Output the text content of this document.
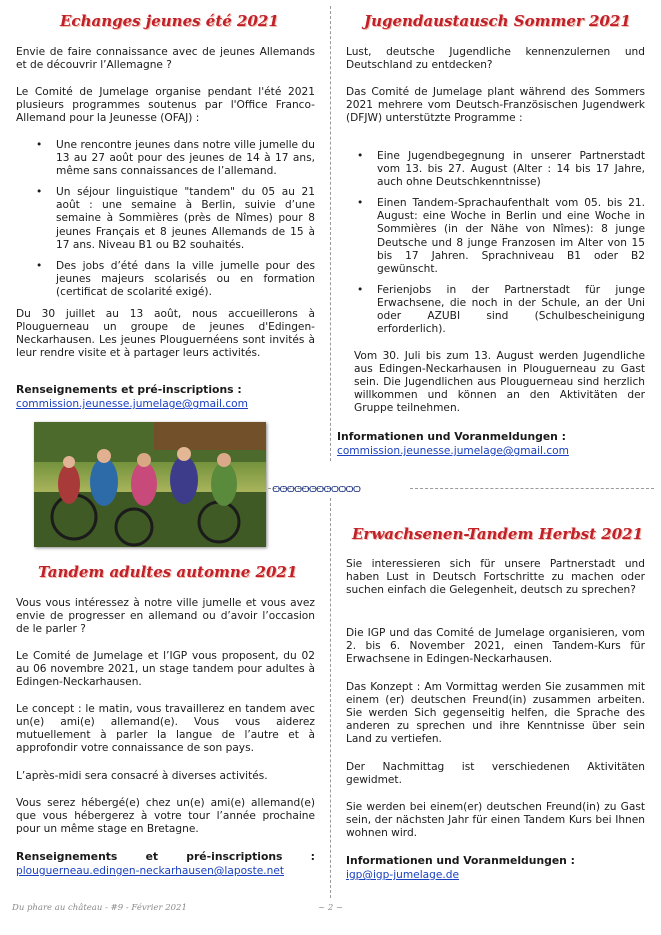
ѻѻѻѻѻѻѻѻѻѻѻѻ
Echanges jeunes été 2021

Envie de faire connaissance avec de jeunes Allemands et de découvrir l’Allemagne ?

Le Comité de Jumelage organise pendant l'été 2021 plusieurs programmes soutenus par l'Office Franco-Allemand pour la Jeunesse (OFAJ) :

•	Une rencontre jeunes dans notre ville jumelle du 13 au 27 août pour des jeunes de 14 à 17 ans, même sans connaissances de l’allemand.
•	Un séjour linguistique "tandem" du 05 au 21 août : une semaine à Berlin, suivie d’une semaine à Sommières (près de Nîmes) pour 8 jeunes Français et 8 jeunes Allemands de 15 à 17 ans. Niveau B1 ou B2 souhaités.
•	Des jobs d’été dans la ville jumelle pour des jeunes majeurs scolarisés ou en formation (certificat de scolarité exigé).

Du 30 juillet au 13 août, nous accueillerons à Plouguerneau un groupe de jeunes d'Edingen-Neckarhausen. Les jeunes Plouguernéens sont invités à leur rendre visite et à partager leurs activités.

Renseignements et pré-inscriptions :
commission.jeunesse.jumelage@gmail.com
Jugendaustausch Sommer 2021

Lust, deutsche Jugendliche kennenzulernen und Deutschland zu entdecken?

Das Comité de Jumelage plant während des Sommers 2021 mehrere vom Deutsch-Französischen Jugendwerk (DFJW) unterstützte Programme :

•	Eine Jugendbegegnung in unserer Partnerstadt vom 13. bis 27. August (Alter : 14 bis 17 Jahre, auch ohne Deutschkenntnisse)
•	Einen Tandem-Sprachaufenthalt vom 05. bis 21. August: eine Woche in Berlin und eine Woche in Sommières (in der Nähe von Nîmes): 8 junge Deutsche und 8 junge Franzosen im Alter von 15 bis 17 Jahren. Sprachniveau B1 oder B2 gewünscht.
•	Ferienjobs in der Partnerstadt für junge Erwachsene, die noch in der Schule, an der Uni oder AZUBI sind (Schulbescheinigung erforderlich).

Vom 30. Juli bis zum 13. August werden Jugendliche aus Edingen-Neckarhausen in Plouguerneau zu Gast sein. Die Jugendlichen aus Plouguerneau sind herzlich willkommen und können an den Aktivitäten der Gruppe teilnehmen.

Informationen und Voranmeldungen :
commission.jeunesse.jumelage@gmail.com
Tandem adultes automne 2021

Vous vous intéressez à notre ville jumelle et vous avez envie de progresser en allemand ou d’avoir l’occasion de le parler ?

Le Comité de Jumelage et l’IGP vous proposent, du 02 au 06 novembre 2021, un stage tandem pour adultes à Edingen-Neckarhausen.

Le concept : le matin, vous travaillerez en tandem avec un(e) ami(e) allemand(e). Vous vous aiderez mutuellement à parler la langue de l’autre et à approfondir votre connaissance de son pays.

L’après-midi sera consacré à diverses activités.

Vous serez hébergé(e) chez un(e) ami(e) allemand(e) que vous hébergerez à votre tour l’année prochaine pour un même stage en Bretagne.

Renseignements et pré-inscriptions :
plouguerneau.edingen-neckarhausen@laposte.net
Erwachsenen-Tandem Herbst 2021

Sie interessieren sich für unsere Partnerstadt und haben Lust in Deutsch Fortschritte zu machen oder suchen einfach die Gelegenheit, deutsch zu sprechen?

Die IGP und das Comité de Jumelage organisieren, vom 2. bis 6. November 2021, einen Tandem-Kurs für Erwachsene in Edingen-Neckarhausen.

Das Konzept : Am Vormittag werden Sie zusammen mit einem (er) deutschen Freund(in) zusammen arbeiten. Sie werden Sich gegenseitig helfen, die Sprache des anderen zu sprechen und ihre Kenntnisse über sein Land zu vertiefen.

Der Nachmittag ist verschiedenen Aktivitäten gewidmet.

Sie werden bei einem(er) deutschen Freund(in) zu Gast sein, der nächsten Jahr für einen Tandem Kurs bei Ihnen wohnen wird.

Informationen und Voranmeldungen :
igp@igp-jumelage.de
Du phare au château - #9 - Février 2021	~ 2 ~
